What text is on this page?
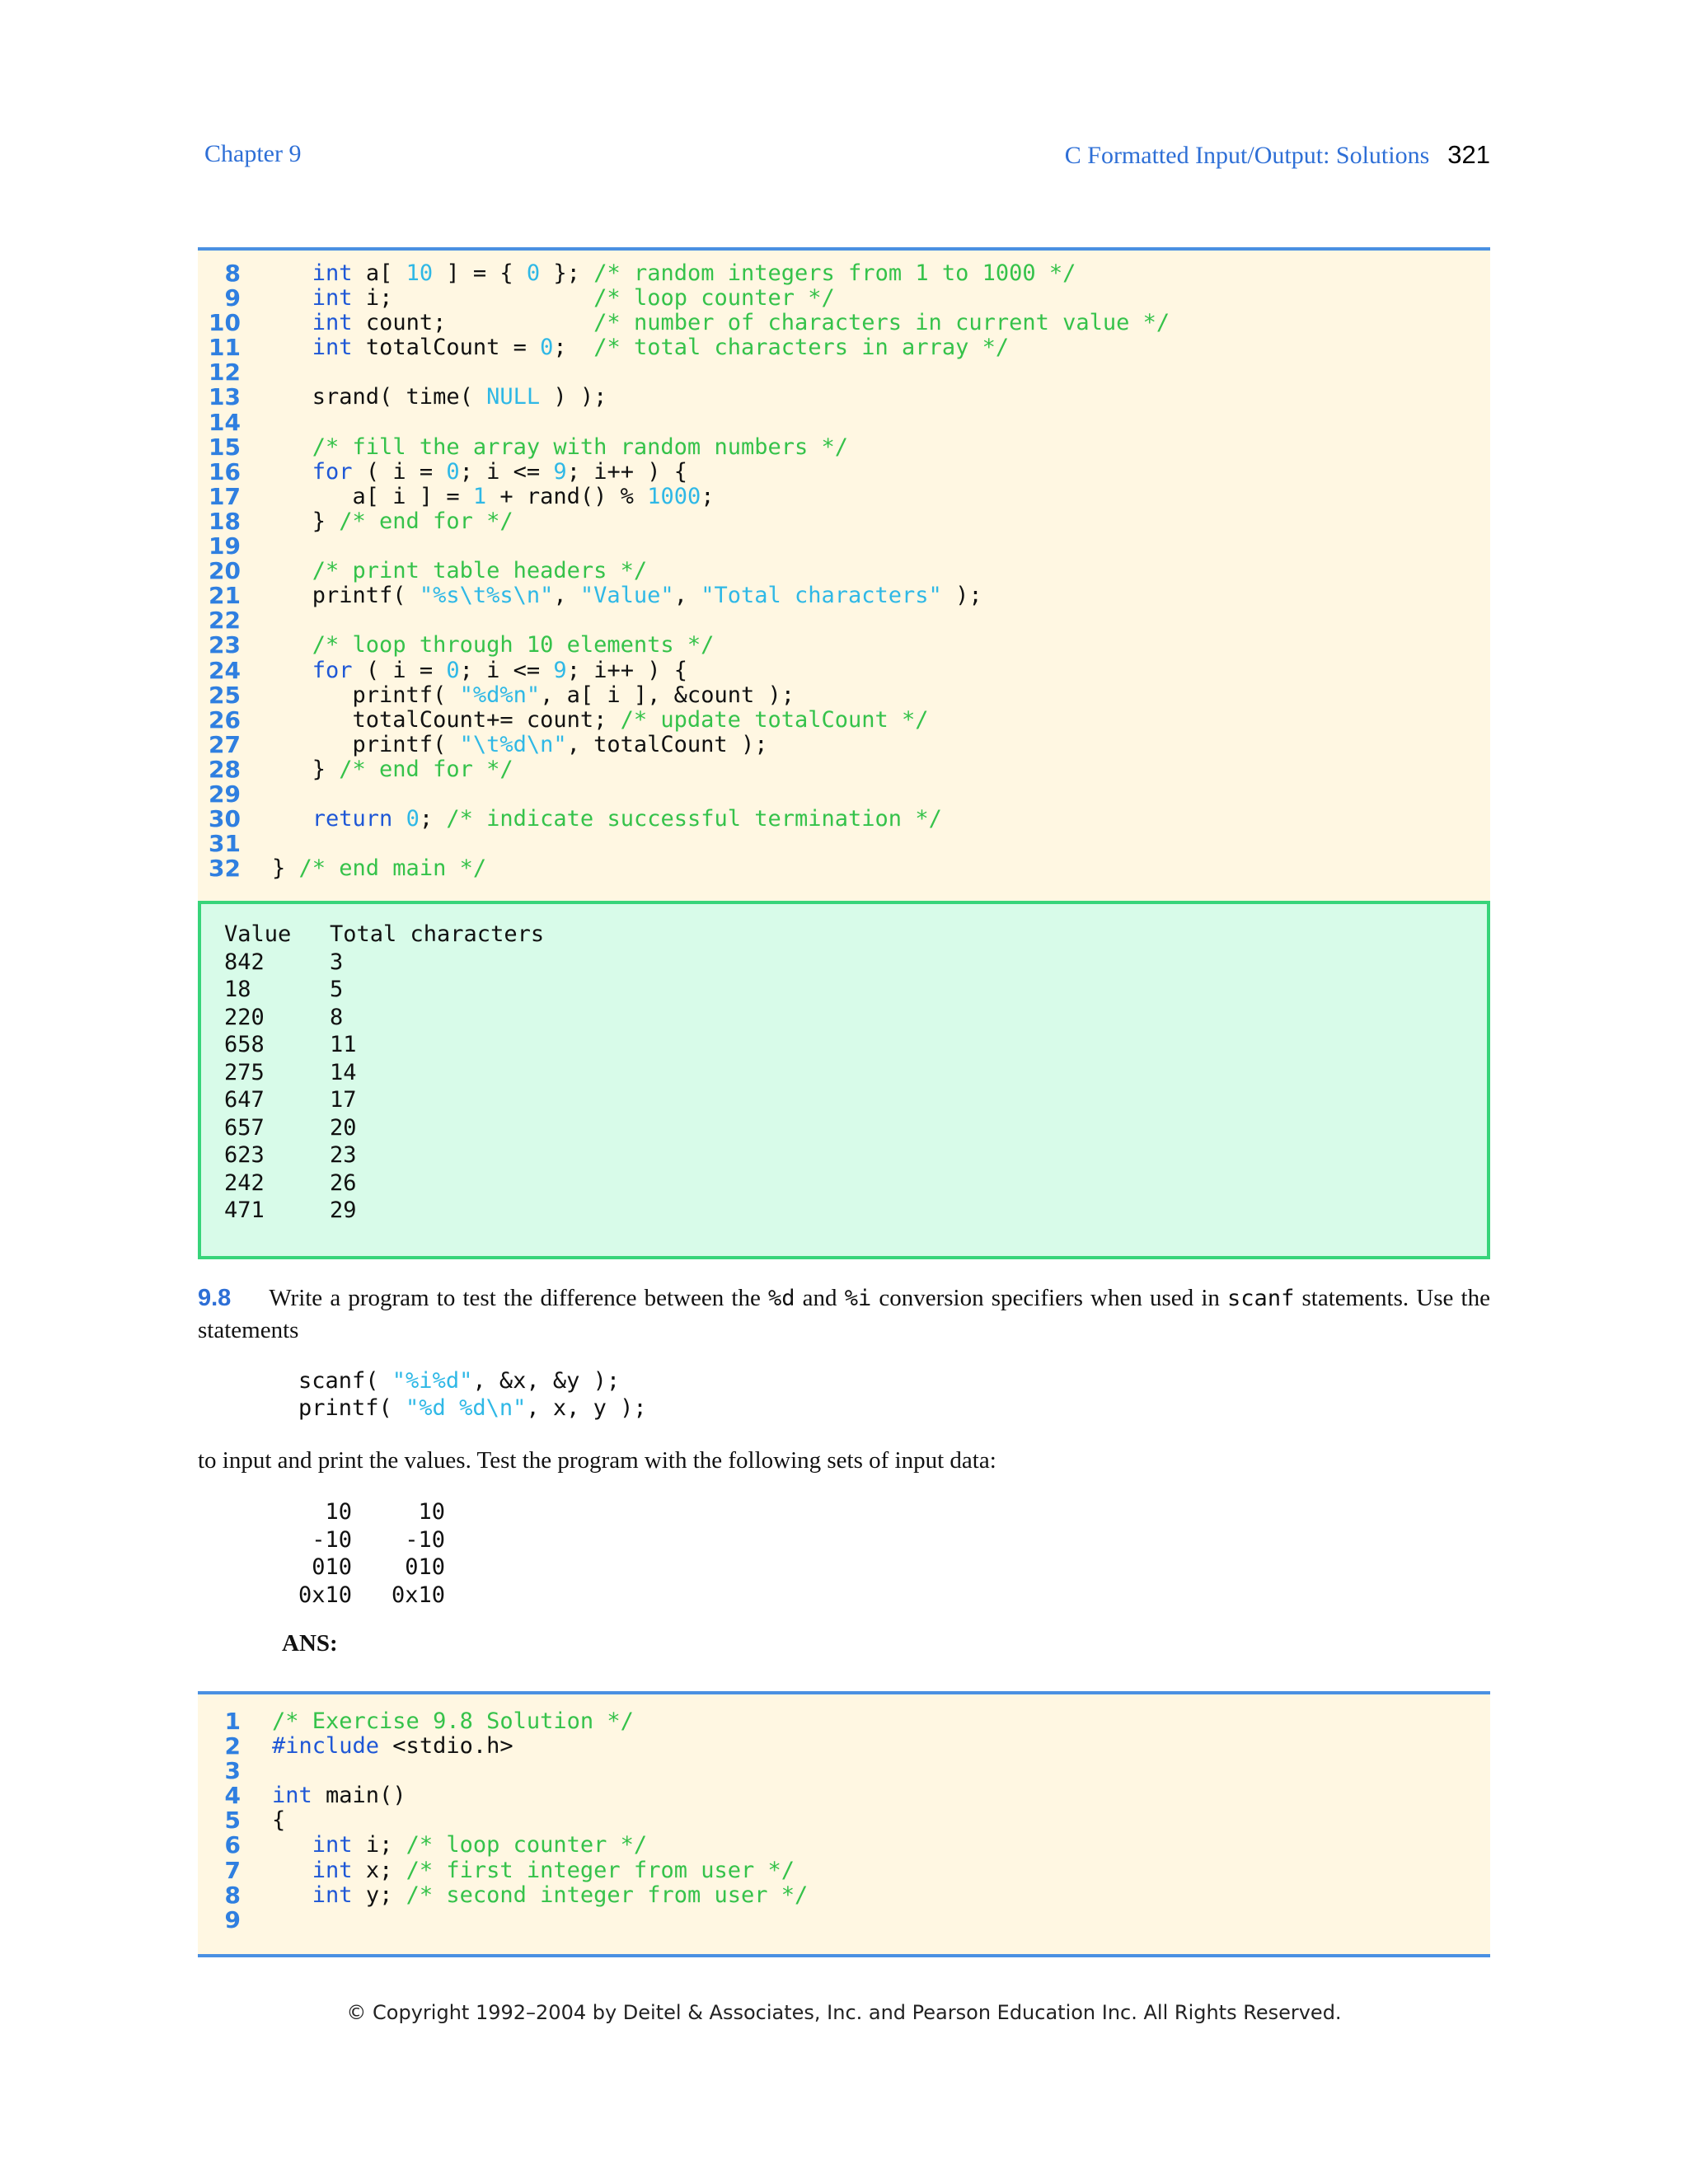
Chapter 9	C Formatted Input/Output: Solutions 321
8	int a[ 10 ] = { 0 }; /* random integers from 1 to 1000 */
9	int i;               /* loop counter */
10	int count;           /* number of characters in current value */
11	int totalCount = 0;  /* total characters in array */
12
13 srand( time( NULL ) );
14
15	/* fill the array with random numbers */
16	for ( i = 0; i <= 9; i++ ) {
17 a[ i ] = 1 + rand() % 1000;
18 } /* end for */
19
20	/* print table headers */
21 printf( "%s\t%s\n", "Value", "Total characters" );
22
23	/* loop through 10 elements */
24	for ( i = 0; i <= 9; i++ ) {
25 printf( "%d%n", a[ i ], &count );
26 totalCount+= count; /* update totalCount */
27 printf( "\t%d\n", totalCount );
28 } /* end for */
29
30	return 0; /* indicate successful termination */
31
32 } /* end main */
Value Total characters
842	3
18	5
220	8
658	11
275	14
647	17
657	20
623	23
242	26
471	29
9.8 Write a program to test the difference between the %d and %i conversion specifiers when used in scanf statements. Use the statements
scanf( "%i%d", &x, &y );
printf( "%d %d\n", x, y );
to input and print the values. Test the program with the following sets of input data:
10	10
-10 -10
010 010
0x10 0x10
ANS:
1 /* Exercise 9.8 Solution */
2 #include <stdio.h>
3
4 int main()
5 {
6	int i; /* loop counter */
7	int x; /* first integer from user */
8	int y; /* second integer from user */
9
© Copyright 1992–2004 by Deitel & Associates, Inc. and Pearson Education Inc. All Rights Reserved.
